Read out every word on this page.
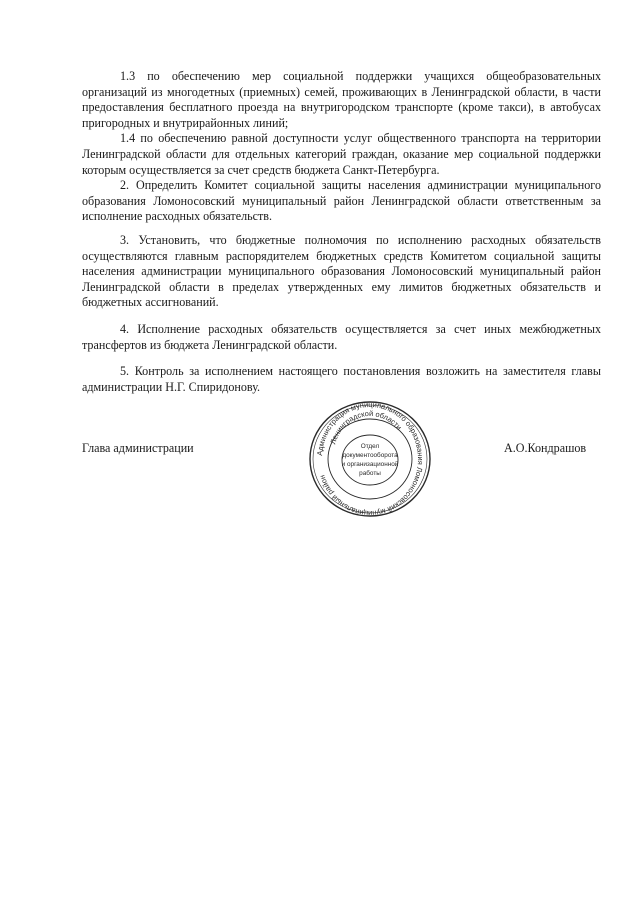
1.3 по обеспечению мер социальной поддержки учащихся общеобразовательных организаций из многодетных (приемных) семей, проживающих в Ленинградской области, в части предоставления бесплатного проезда на внутригородском транспорте (кроме такси), в автобусах пригородных и внутрирайонных линий;

1.4 по обеспечению равной доступности услуг общественного транспорта на территории Ленинградской области для отдельных категорий граждан, оказание мер социальной поддержки которым осуществляется за счет средств бюджета Санкт-Петербурга.

2. Определить Комитет социальной защиты населения администрации муниципального образования Ломоносовский муниципальный район Ленинградской области ответственным за исполнение расходных обязательств.

3. Установить, что бюджетные полномочия по исполнению расходных обязательств осуществляются главным распорядителем бюджетных средств Комитетом социальной защиты населения администрации муниципального образования Ломоносовский муниципальный район Ленинградской области в пределах утвержденных ему лимитов бюджетных обязательств и бюджетных ассигнований.

4. Исполнение расходных обязательств осуществляется за счет иных межбюджетных трансфертов из бюджета Ленинградской области.

5. Контроль за исполнением настоящего постановления возложить на заместителя главы администрации Н.Г. Спиридонову.

Глава администрации	А.О.Кондрашов
Администрация муниципального образования Ломоносовский муниципальный район
Ленинградской области
Отдел
документооборота
и организационной
работы
